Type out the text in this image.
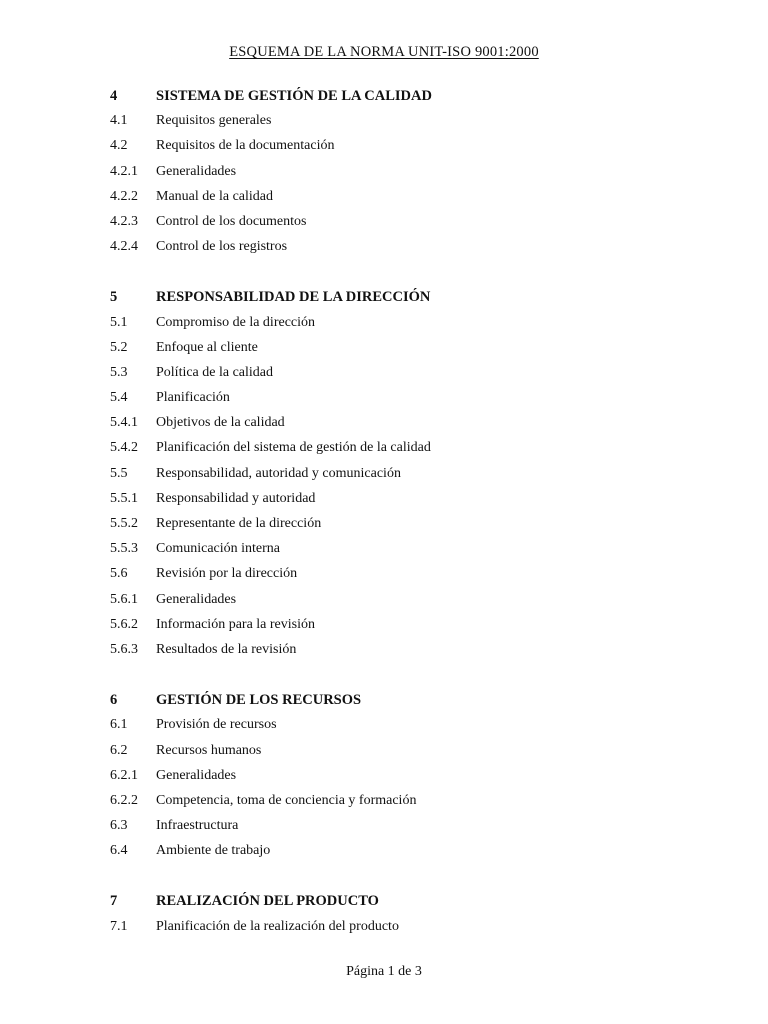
ESQUEMA DE LA NORMA UNIT-ISO 9001:2000
4	SISTEMA DE GESTIÓN DE LA CALIDAD
4.1	Requisitos generales
4.2	Requisitos de la documentación
4.2.1	Generalidades
4.2.2	Manual de la calidad
4.2.3	Control de los documentos
4.2.4	Control de los registros
5	RESPONSABILIDAD DE LA DIRECCIÓN
5.1	Compromiso de la dirección
5.2	Enfoque al cliente
5.3	Política de la calidad
5.4	Planificación
5.4.1	Objetivos de la calidad
5.4.2	Planificación del sistema de gestión de la calidad
5.5	Responsabilidad, autoridad y comunicación
5.5.1	Responsabilidad y autoridad
5.5.2	Representante de la dirección
5.5.3	Comunicación interna
5.6	Revisión por la dirección
5.6.1	Generalidades
5.6.2	Información para la revisión
5.6.3	Resultados de la revisión
6	GESTIÓN DE LOS RECURSOS
6.1	Provisión de recursos
6.2	Recursos humanos
6.2.1	Generalidades
6.2.2	Competencia, toma de conciencia y formación
6.3	Infraestructura
6.4	Ambiente de trabajo
7	REALIZACIÓN DEL PRODUCTO
7.1	Planificación de la realización del producto
Página 1 de 3
